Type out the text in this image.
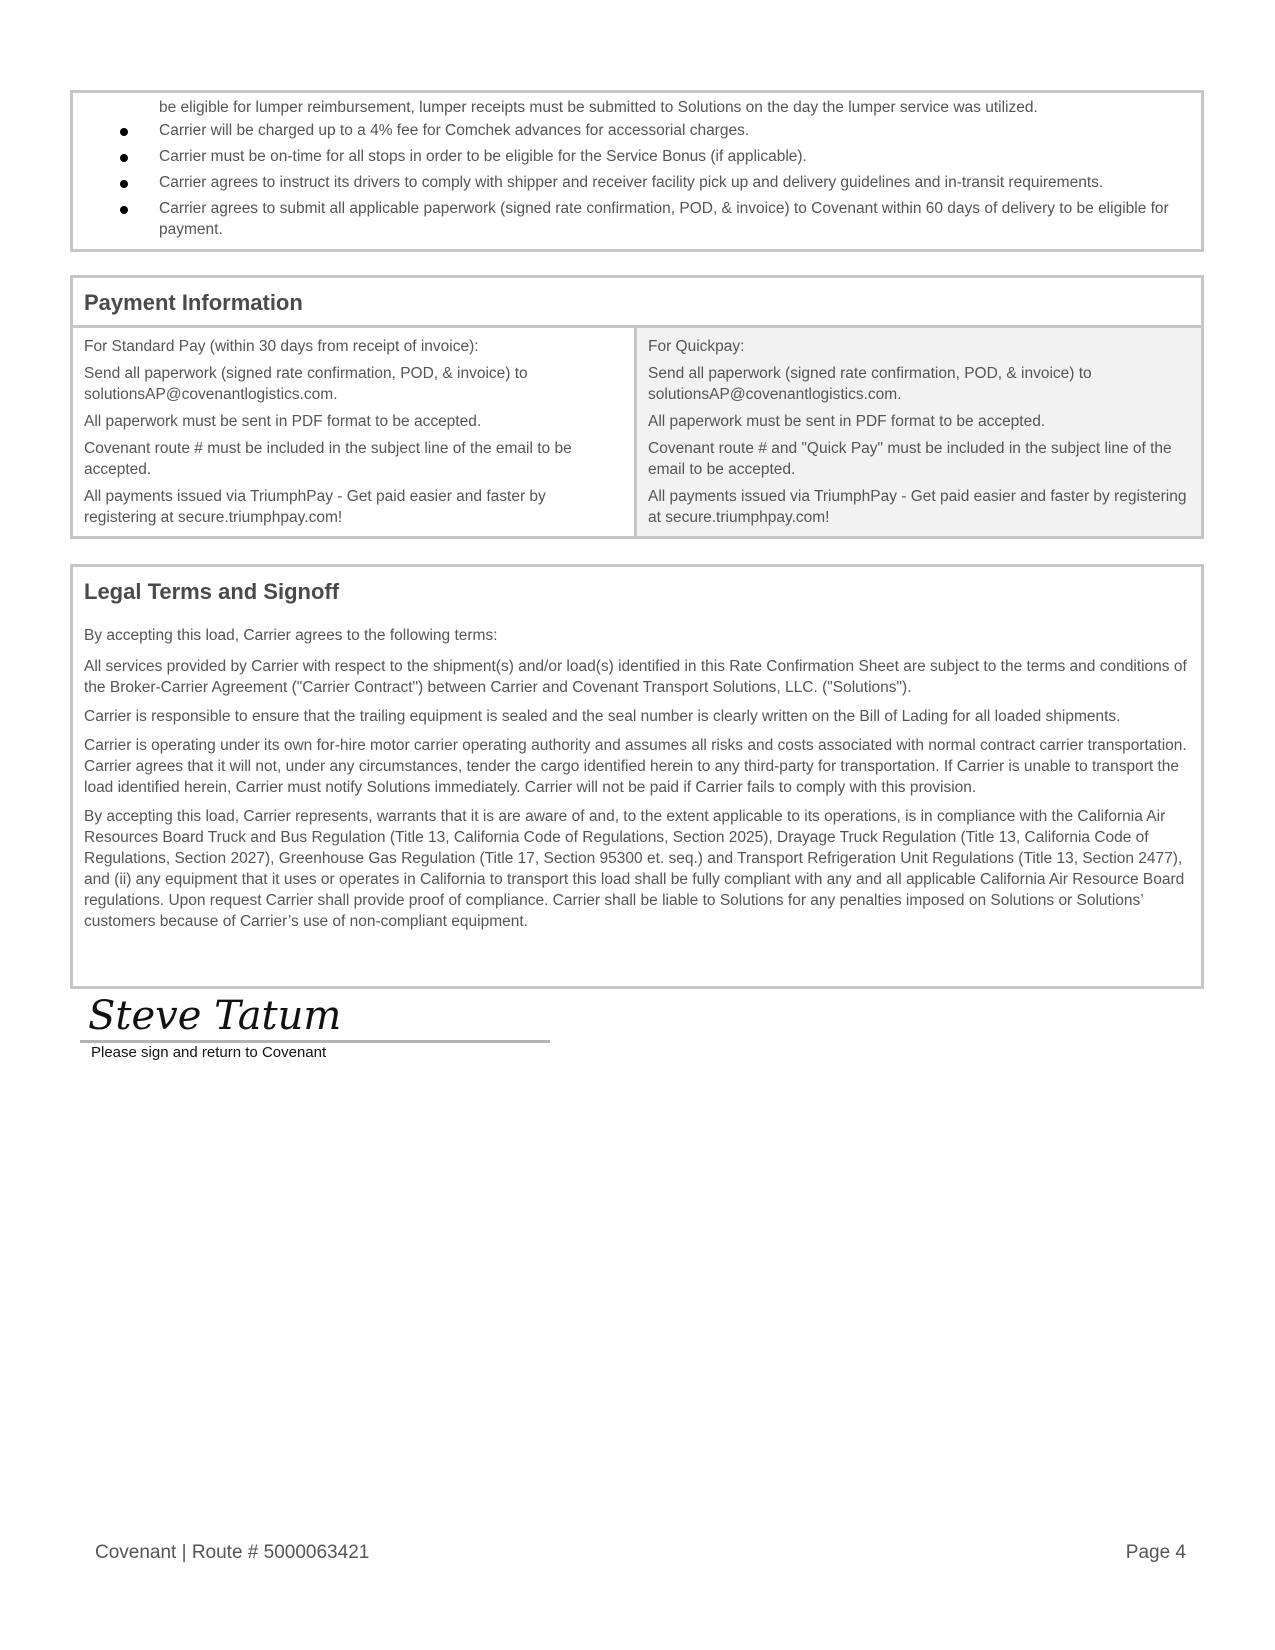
be eligible for lumper reimbursement, lumper receipts must be submitted to Solutions on the day the lumper service was utilized.
Carrier will be charged up to a 4% fee for Comchek advances for accessorial charges.
Carrier must be on-time for all stops in order to be eligible for the Service Bonus (if applicable).
Carrier agrees to instruct its drivers to comply with shipper and receiver facility pick up and delivery guidelines and in-transit requirements.
Carrier agrees to submit all applicable paperwork (signed rate confirmation, POD, & invoice) to Covenant within 60 days of delivery to be eligible for payment.
Payment Information

For Standard Pay (within 30 days from receipt of invoice):

Send all paperwork (signed rate confirmation, POD, & invoice) to solutionsAP@covenantlogistics.com.

All paperwork must be sent in PDF format to be accepted.

Covenant route # must be included in the subject line of the email to be accepted.

All payments issued via TriumphPay - Get paid easier and faster by registering at secure.triumphpay.com!

For Quickpay:

Send all paperwork (signed rate confirmation, POD, & invoice) to solutionsAP@covenantlogistics.com.

All paperwork must be sent in PDF format to be accepted.

Covenant route # and "Quick Pay" must be included in the subject line of the email to be accepted.

All payments issued via TriumphPay - Get paid easier and faster by registering at secure.triumphpay.com!

Legal Terms and Signoff

By accepting this load, Carrier agrees to the following terms:

All services provided by Carrier with respect to the shipment(s) and/or load(s) identified in this Rate Confirmation Sheet are subject to the terms and conditions of the Broker-Carrier Agreement ("Carrier Contract") between Carrier and Covenant Transport Solutions, LLC. ("Solutions").

Carrier is responsible to ensure that the trailing equipment is sealed and the seal number is clearly written on the Bill of Lading for all loaded shipments.

Carrier is operating under its own for-hire motor carrier operating authority and assumes all risks and costs associated with normal contract carrier transportation. Carrier agrees that it will not, under any circumstances, tender the cargo identified herein to any third-party for transportation. If Carrier is unable to transport the load identified herein, Carrier must notify Solutions immediately. Carrier will not be paid if Carrier fails to comply with this provision.

By accepting this load, Carrier represents, warrants that it is are aware of and, to the extent applicable to its operations, is in compliance with the California Air Resources Board Truck and Bus Regulation (Title 13, California Code of Regulations, Section 2025), Drayage Truck Regulation (Title 13, California Code of Regulations, Section 2027), Greenhouse Gas Regulation (Title 17, Section 95300 et. seq.) and Transport Refrigeration Unit Regulations (Title 13, Section 2477), and (ii) any equipment that it uses or operates in California to transport this load shall be fully compliant with any and all applicable California Air Resource Board regulations. Upon request Carrier shall provide proof of compliance. Carrier shall be liable to Solutions for any penalties imposed on Solutions or Solutions’ customers because of Carrier’s use of non-compliant equipment.

Steve Tatum
Please sign and return to Covenant
Covenant | Route # 5000063421	Page 4
